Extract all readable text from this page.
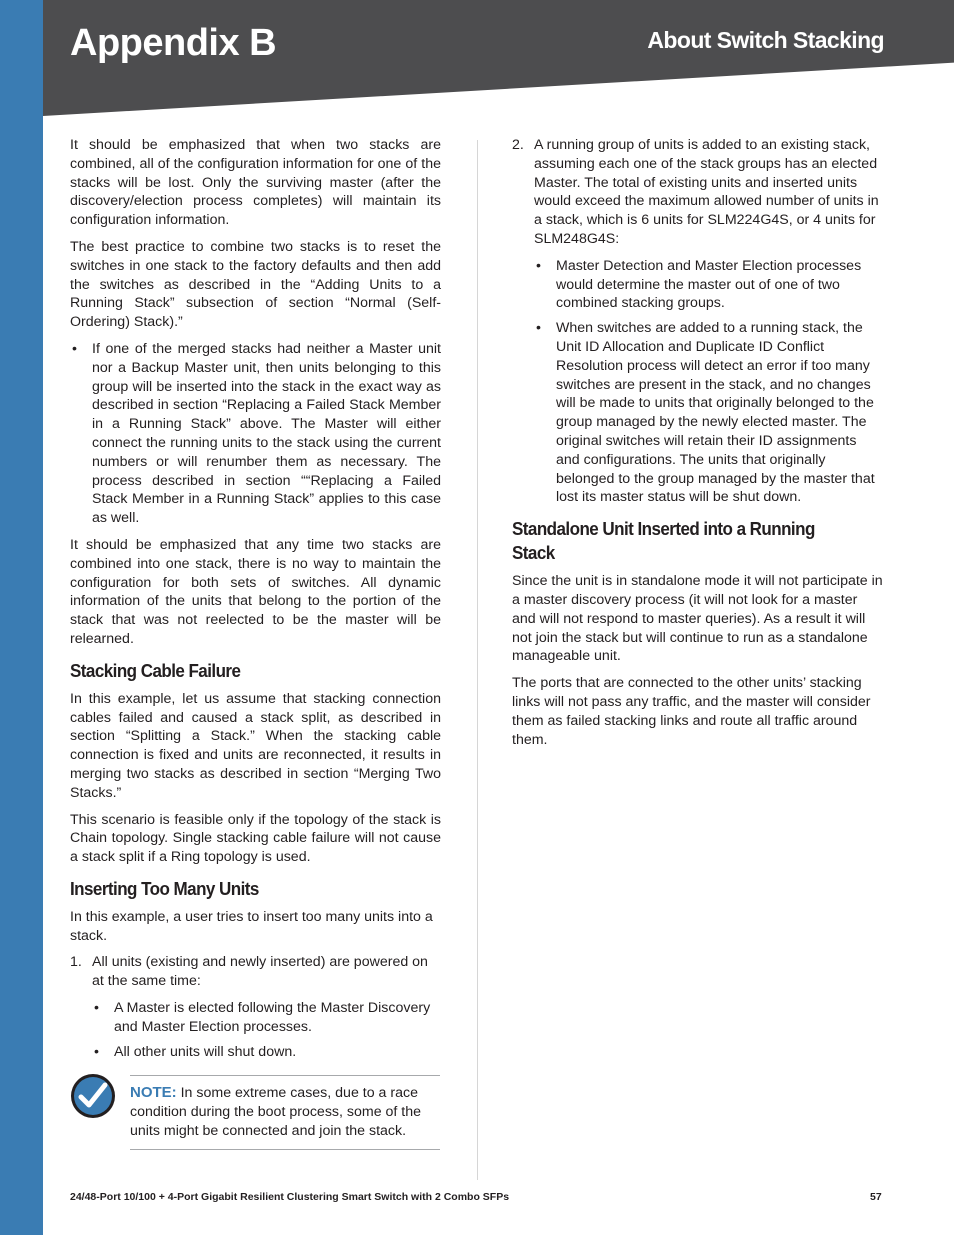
Appendix B	About Switch Stacking

It should be emphasized that when two stacks are combined, all of the configuration information for one of the stacks will be lost. Only the surviving master (after the discovery/election process completes) will maintain its configuration information.

The best practice to combine two stacks is to reset the switches in one stack to the factory defaults and then add the switches as described in the “Adding Units to a Running Stack” subsection of section “Normal (Self-Ordering) Stack).”

• If one of the merged stacks had neither a Master unit nor a Backup Master unit, then units belonging to this group will be inserted into the stack in the exact way as described in section “Replacing a Failed Stack Member in a Running Stack” above. The Master will either connect the running units to the stack using the current numbers or will renumber them as necessary. The process described in section ““Replacing a Failed Stack Member in a Running Stack” applies to this case as well.

It should be emphasized that any time two stacks are combined into one stack, there is no way to maintain the configuration for both sets of switches. All dynamic information of the units that belong to the portion of the stack that was not reelected to be the master will be relearned.

Stacking Cable Failure

In this example, let us assume that stacking connection cables failed and caused a stack split, as described in section “Splitting a Stack.” When the stacking cable connection is fixed and units are reconnected, it results in merging two stacks as described in section “Merging Two Stacks.”

This scenario is feasible only if the topology of the stack is Chain topology. Single stacking cable failure will not cause a stack split if a Ring topology is used.

Inserting Too Many Units

In this example, a user tries to insert too many units into a stack.

1. All units (existing and newly inserted) are powered on at the same time:
• A Master is elected following the Master Discovery and Master Election processes.
• All other units will shut down.
NOTE: In some extreme cases, due to a race condition during the boot process, some of the units might be connected and join the stack.
2. A running group of units is added to an existing stack, assuming each one of the stack groups has an elected Master. The total of existing units and inserted units would exceed the maximum allowed number of units in a stack, which is 6 units for SLM224G4S, or 4 units for SLM248G4S:
• Master Detection and Master Election processes would determine the master out of one of two combined stacking groups.
• When switches are added to a running stack, the Unit ID Allocation and Duplicate ID Conflict Resolution process will detect an error if too many switches are present in the stack, and no changes will be made to units that originally belonged to the group managed by the newly elected master. The original switches will retain their ID assignments and configurations. The units that originally belonged to the group managed by the master that lost its master status will be shut down.
Standalone Unit Inserted into a Running Stack

Since the unit is in standalone mode it will not participate in a master discovery process (it will not look for a master and will not respond to master queries). As a result it will not join the stack but will continue to run as a standalone manageable unit.

The ports that are connected to the other units’ stacking links will not pass any traffic, and the master will consider them as failed stacking links and route all traffic around them.

24/48-Port 10/100 + 4-Port Gigabit Resilient Clustering Smart Switch with 2 Combo SFPs	57
